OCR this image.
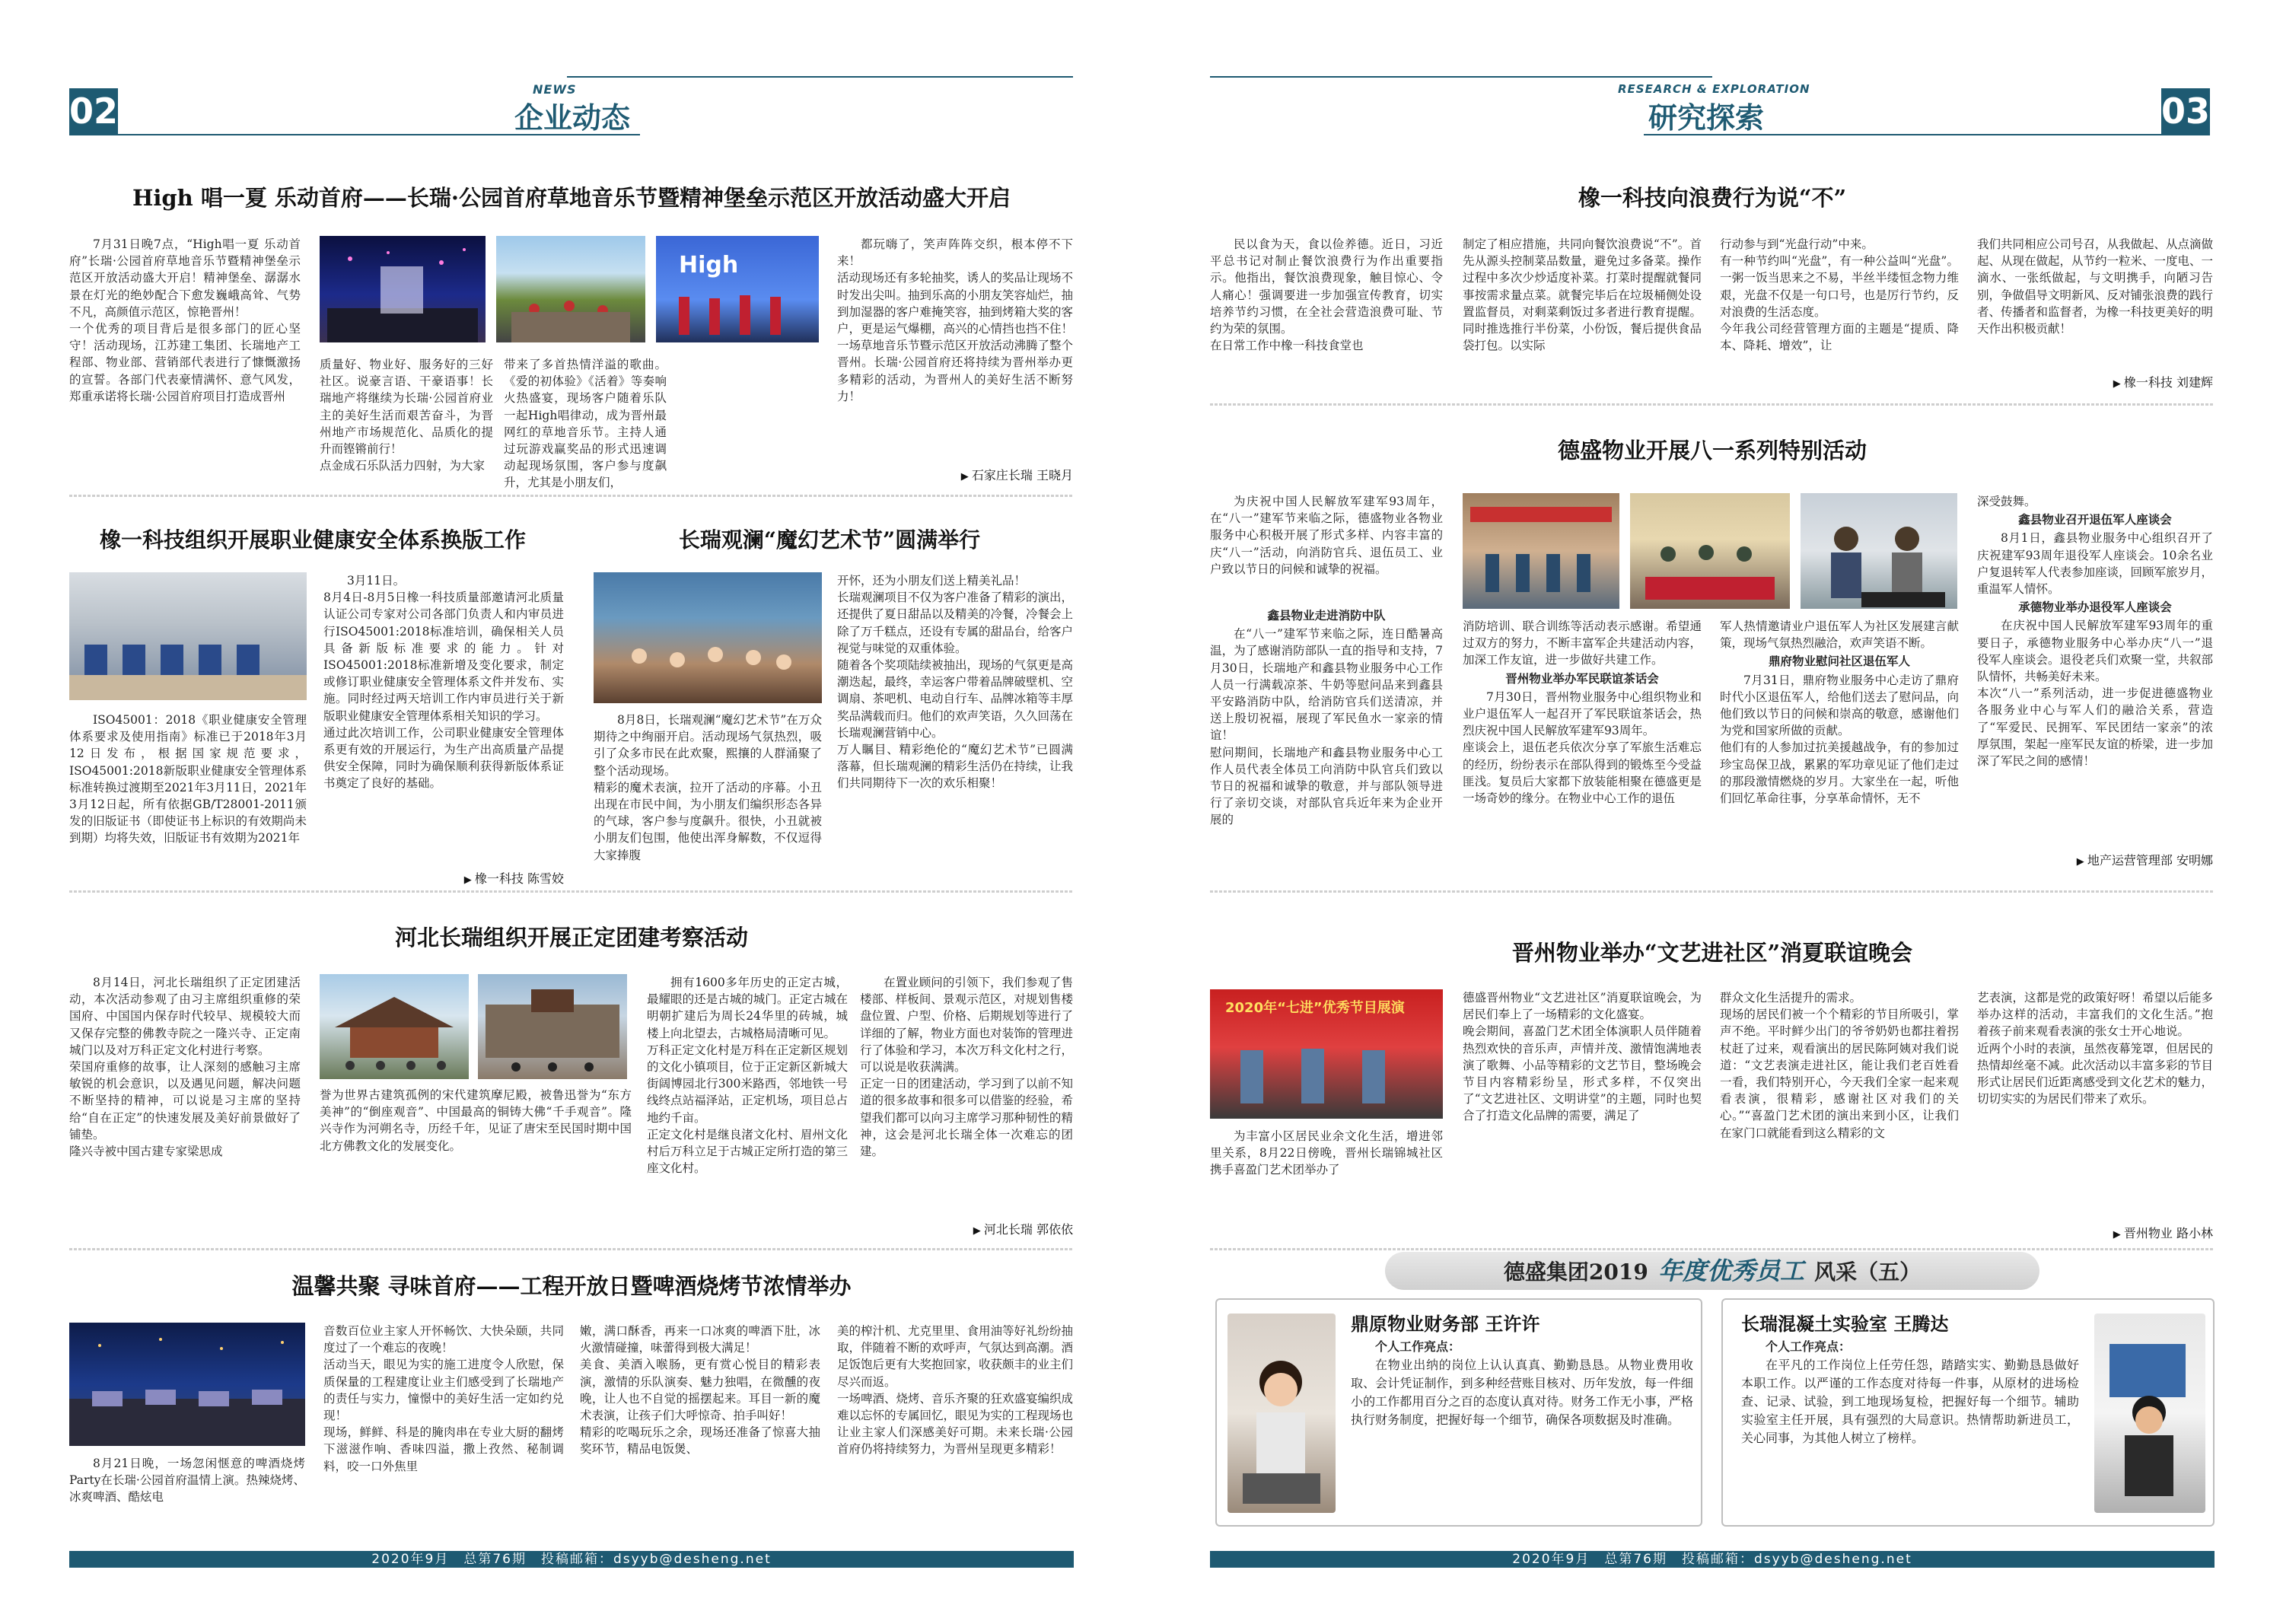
02
NEWS
企业动态
High 唱一夏 乐动首府——长瑞·公园首府草地音乐节暨精神堡垒示范区开放活动盛大开启

7月31日晚7点，“High唱一夏 乐动首府”长瑞·公园首府草地音乐节暨精神堡垒示范区开放活动盛大开启！精神堡垒、潺潺水景在灯光的绝妙配合下愈发巍峨高耸、气势不凡，高颜值示范区，惊艳晋州！
一个优秀的项目背后是很多部门的匠心坚守！活动现场，江苏建工集团、长瑞地产工程部、物业部、营销部代表进行了慷慨激扬的宣誓。各部门代表豪情满怀、意气风发，郑重承诺将长瑞·公园首府项目打造成晋州

High

质量好、物业好、服务好的三好社区。说豪言语、干豪语事！长瑞地产将继续为长瑞·公园首府业主的美好生活而艰苦奋斗，为晋州地产市场规范化、品质化的提升而铿锵前行！
点金成石乐队活力四射，为大家

带来了多首热情洋溢的歌曲。《爱的初体验》《活着》等奏响火热盛宴，现场客户随着乐队一起High唱律动，成为晋州最网红的草地音乐节。主持人通过玩游戏赢奖品的形式迅速调动起现场氛围，客户参与度飙升，尤其是小朋友们，

都玩嗨了，笑声阵阵交织，根本停不下来！
活动现场还有多轮抽奖，诱人的奖品让现场不时发出尖叫。抽到乐高的小朋友笑容灿烂，抽到加湿器的客户难掩笑容，抽到烤箱大奖的客户，更是运气爆棚，高兴的心情挡也挡不住！
一场草地音乐节暨示范区开放活动沸腾了整个晋州。长瑞·公园首府还将持续为晋州举办更多精彩的活动，为晋州人的美好生活不断努力！

▶ 石家庄长瑞 王晓月
橡一科技组织开展职业健康安全体系换版工作

ISO45001：2018《职业健康安全管理体系要求及使用指南》标准已于2018年3月12日发布，根据国家规范要求，ISO45001:2018新版职业健康安全管理体系标准转换过渡期至2021年3月11日，2021年3月12日起，所有依据GB/T28001-2011颁发的旧版证书（即使证书上标识的有效期尚未到期）均将失效，旧版证书有效期为2021年

3月11日。
8月4日-8月5日橡一科技质量部邀请河北质量认证公司专家对公司各部门负责人和内审员进行ISO45001:2018标准培训，确保相关人员具备新版标准要求的能力。针对ISO45001:2018标准新增及变化要求，制定或修订职业健康安全管理体系文件并发布、实施。同时经过两天培训工作内审员进行关于新版职业健康安全管理体系相关知识的学习。
通过此次培训工作，公司职业健康安全管理体系更有效的开展运行，为生产出高质量产品提供安全保障，同时为确保顺利获得新版体系证书奠定了良好的基础。

▶ 橡一科技 陈雪姣
长瑞观澜“魔幻艺术节”圆满举行

8月8日，长瑞观澜“魔幻艺术节”在万众期待之中绚丽开启。活动现场气氛热烈，吸引了众多市民在此欢聚，熙攘的人群涌聚了整个活动现场。
精彩的魔术表演，拉开了活动的序幕。小丑出现在市民中间，为小朋友们编织形态各异的气球，客户参与度飙升。很快，小丑就被小朋友们包围，他使出浑身解数，不仅逗得大家捧腹

开怀，还为小朋友们送上精美礼品！
长瑞观澜项目不仅为客户准备了精彩的演出，还提供了夏日甜品以及精美的冷餐，冷餐会上除了万千糕点，还设有专属的甜品台，给客户视觉与味觉的双重体验。
随着各个奖项陆续被抽出，现场的气氛更是高潮迭起，最终，幸运客户带着品牌破壁机、空调扇、茶吧机、电动自行车、品牌冰箱等丰厚奖品满载而归。他们的欢声笑语，久久回荡在长瑞观澜营销中心。
万人瞩目、精彩绝伦的“魔幻艺术节”已圆满落幕，但长瑞观澜的精彩生活仍在持续，让我们共同期待下一次的欢乐相聚！

河北长瑞组织开展正定团建考察活动

8月14日，河北长瑞组织了正定团建活动，本次活动参观了由习主席组织重修的荣国府、中国国内保存时代较早、规模较大而又保存完整的佛教寺院之一隆兴寺、正定南城门以及对万科正定文化村进行考察。
荣国府重修的故事，让人深刻的感触习主席敏锐的机会意识，以及遇见问题，解决问题不断坚持的精神，可以说是习主席的坚持给“自在正定”的快速发展及美好前景做好了铺垫。
隆兴寺被中国古建专家梁思成

誉为世界古建筑孤例的宋代建筑摩尼殿，被鲁迅誉为“东方美神”的“倒座观音”、中国最高的铜铸大佛“千手观音”。隆兴寺作为河朔名寺，历经千年，见证了唐宋至民国时期中国北方佛教文化的发展变化。

拥有1600多年历史的正定古城，最耀眼的还是古城的城门。正定古城在明朝扩建后为周长24华里的砖城，城楼上向北望去，古城格局清晰可见。
万科正定文化村是万科在正定新区规划的文化小镇项目，位于正定新区新城大街阔博园北行300米路西，邻地铁一号线终点站福泽站，正定机场，项目总占地约千亩。
正定文化村是继良渚文化村、眉州文化村后万科立足于古城正定所打造的第三座文化村。

在置业顾问的引领下，我们参观了售楼部、样板间、景观示范区，对规划售楼盘位置、户型、价格、后期规划等进行了详细的了解，物业方面也对装饰的管理进行了体验和学习，本次万科文化村之行，可以说是收获满满。
正定一日的团建活动，学习到了以前不知道的很多故事和很多可以借鉴的经验，希望我们都可以向习主席学习那种韧性的精神，这会是河北长瑞全体一次难忘的团建。

▶ 河北长瑞 郭依依
温馨共聚 寻味首府——工程开放日暨啤酒烧烤节浓情举办

8月21日晚，一场忽闲惬意的啤酒烧烤Party在长瑞·公园首府温情上演。热辣烧烤、冰爽啤酒、酷炫电

音数百位业主家人开怀畅饮、大快朵颐，共同度过了一个难忘的夜晚！
活动当天，眼见为实的施工进度令人欣慰，保质保量的工程建度让业主们感受到了长瑞地产的责任与实力，憧憬中的美好生活一定如约兑现！
现场，鲜鲜、科是的腌肉串在专业大厨的翻烤下滋滋作响、香味四溢，撒上孜然、秘制调料，咬一口外焦里

嫩，满口酥香，再来一口冰爽的啤酒下肚，冰火激情碰撞，味蕾得到极大满足！
美食、美酒入喉肠，更有赏心悦目的精彩表演，激情的乐队演奏、魅力独唱，在微醺的夜晚，让人也不自觉的摇摆起来。耳目一新的魔术表演，让孩子们大呼惊奇、拍手叫好！
精彩的吃喝玩乐之余，现场还准备了惊喜大抽奖环节，精品电饭煲、

美的榨汁机、尤克里里、食用油等好礼纷纷抽取，伴随着不断的欢呼声，气氛达到高潮。酒足饭饱后更有大奖抱回家，收获颇丰的业主们尽兴而返。
一场啤酒、烧烤、音乐齐聚的狂欢盛宴编织成难以忘怀的专属回忆，眼见为实的工程现场也让业主家人们深感美好可期。未来长瑞·公园首府仍将持续努力，为晋州呈现更多精彩！

2020年9月　总第76期　投稿邮箱：dsyyb@desheng.net
03
RESEARCH & EXPLORATION
研究探索
橡一科技向浪费行为说“不”

民以食为天，食以俭养德。近日，习近平总书记对制止餐饮浪费行为作出重要指示。他指出，餐饮浪费现象，触目惊心、令人痛心！强调要进一步加强宣传教育，切实培养节约习惯，在全社会营造浪费可耻、节约为荣的氛围。
在日常工作中橡一科技食堂也

制定了相应措施，共同向餐饮浪费说“不”。首先从源头控制菜品数量，避免过多备菜。操作过程中多次少炒适度补菜。打菜时提醒就餐同事按需求量点菜。就餐完毕后在垃圾桶侧处设置监督员，对剩菜剩饭过多者进行教育提醒。同时推选推行半份菜，小份饭，餐后提供食品袋打包。以实际

行动参与到“光盘行动”中来。
有一种节约叫“光盘”，有一种公益叫“光盘”。一粥一饭当思来之不易，半丝半缕恒念物力维艰，光盘不仅是一句口号，也是厉行节约，反对浪费的生活态度。
今年我公司经营管理方面的主题是“提质、降本、降耗、增效”，让

我们共同相应公司号召，从我做起、从点滴做起、从现在做起，从节约一粒米、一度电、一滴水、一张纸做起，与文明携手，向陋习告别，争做倡导文明新风、反对铺张浪费的践行者、传播者和监督者，为橡一科技更美好的明天作出积极贡献！

▶ 橡一科技 刘建辉
德盛物业开展八一系列特别活动

为庆祝中国人民解放军建军93周年，在“八一”建军节来临之际，德盛物业各物业服务中心积极开展了形式多样、内容丰富的庆“八一”活动，向消防官兵、退伍员工、业户致以节日的问候和诚挚的祝福。

鑫县物业走进消防中队

在“八一”建军节来临之际，连日酷暑高温，为了感谢消防部队一直的指导和支持，7月30日，长瑞地产和鑫县物业服务中心工作人员一行满载凉茶、牛奶等慰问品来到鑫县平安路消防中队，给消防官兵们送清凉，并送上殷切祝福，展现了军民鱼水一家亲的情谊！
慰问期间，长瑞地产和鑫县物业服务中心工作人员代表全体员工向消防中队官兵们致以节日的祝福和诚挚的敬意，并与部队领导进行了亲切交谈，对部队官兵近年来为企业开展的

消防培训、联合训练等活动表示感谢。希望通过双方的努力，不断丰富军企共建活动内容，加深工作友谊，进一步做好共建工作。

晋州物业举办军民联谊茶话会

7月30日，晋州物业服务中心组织物业和业户退伍军人一起召开了军民联谊茶话会，热烈庆祝中国人民解放军建军93周年。
座谈会上，退伍老兵依次分享了军旅生活难忘的经历，纷纷表示在部队得到的锻炼至今受益匪浅。复员后大家都下放装能相聚在德盛更是一场奇妙的缘分。在物业中心工作的退伍

军人热情邀请业户退伍军人为社区发展建言献策，现场气氛热烈融洽，欢声笑语不断。

鼎府物业慰问社区退伍军人

7月31日，鼎府物业服务中心走访了鼎府时代小区退伍军人，给他们送去了慰问品，向他们致以节日的问候和崇高的敬意，感谢他们为党和国家所做的贡献。
他们有的人参加过抗美援越战争，有的参加过珍宝岛保卫战，累累的军功章见证了他们走过的那段激情燃烧的岁月。大家坐在一起，听他们回忆革命往事，分享革命情怀，无不

深受鼓舞。

鑫县物业召开退伍军人座谈会

8月1日，鑫县物业服务中心组织召开了庆祝建军93周年退役军人座谈会。10余名业户复退转军人代表参加座谈，回顾军旅岁月，重温军人情怀。

承德物业举办退役军人座谈会

在庆祝中国人民解放军建军93周年的重要日子，承德物业服务中心举办庆“八一”退役军人座谈会。退役老兵们欢聚一堂，共叙部队情怀，共畅美好未来。
本次“八一”系列活动，进一步促进德盛物业各服务业中心与军人们的融洽关系，营造了“军爱民、民拥军、军民团结一家亲”的浓厚氛围，架起一座军民友谊的桥梁，进一步加深了军民之间的感情！

▶ 地产运营管理部 安明娜
晋州物业举办“文艺进社区”消夏联谊晚会
2020年“七进”优秀节目展演

为丰富小区居民业余文化生活，增进邻里关系，8月22日傍晚，晋州长瑞锦城社区携手喜盈门艺术团举办了

德盛晋州物业“文艺进社区”消夏联谊晚会，为居民们奉上了一场精彩的文化盛宴。
晚会期间，喜盈门艺术团全体演职人员伴随着热烈欢快的音乐声，声情并茂、激情饱满地表演了歌舞、小品等精彩的文艺节目，整场晚会节目内容精彩纷呈，形式多样，不仅突出了“文艺进社区、文明讲堂”的主题，同时也契合了打造文化品牌的需要，满足了

群众文化生活提升的需求。
现场的居民们被一个个精彩的节目所吸引，掌声不绝。平时鲜少出门的爷爷奶奶也都拄着拐杖赶了过来，观看演出的居民陈阿姨对我们说道：“文艺表演走进社区，能让我们老百姓看一看，我们特别开心，今天我们全家一起来观看表演，很精彩，感谢社区对我们的关心。”“喜盈门艺术团的演出来到小区，让我们在家门口就能看到这么精彩的文

艺表演，这都是党的政策好呀！希望以后能多举办这样的活动，丰富我们的文化生活。”抱着孩子前来观看表演的张女士开心地说。
近两个小时的表演，虽然夜幕笼罩，但居民的热情却丝毫不减。此次活动以丰富多彩的节目形式让居民们近距离感受到文化艺术的魅力，切切实实的为居民们带来了欢乐。

▶ 晋州物业 路小林
德盛集团2019 年度优秀员工 风采（五）
鼎原物业财务部 王许许
个人工作亮点：

在物业出纳的岗位上认认真真、勤勤恳恳。从物业费用收取、会计凭证制作，到多种经营账目核对、历年发放，每一件细小的工作都用百分之百的态度认真对待。财务工作无小事，严格执行财务制度，把握好每一个细节，确保各项数据及时准确。

长瑞混凝土实验室 王腾达
个人工作亮点：

在平凡的工作岗位上任劳任怨，踏踏实实、勤勤恳恳做好本职工作。以严谨的工作态度对待每一件事，从原材的进场检查、记录、试验，到工地现场复检，把握好每一个细节。辅助实验室主任开展，具有强烈的大局意识。热情帮助新进员工，关心同事，为其他人树立了榜样。

2020年9月　总第76期　投稿邮箱：dsyyb@desheng.net
